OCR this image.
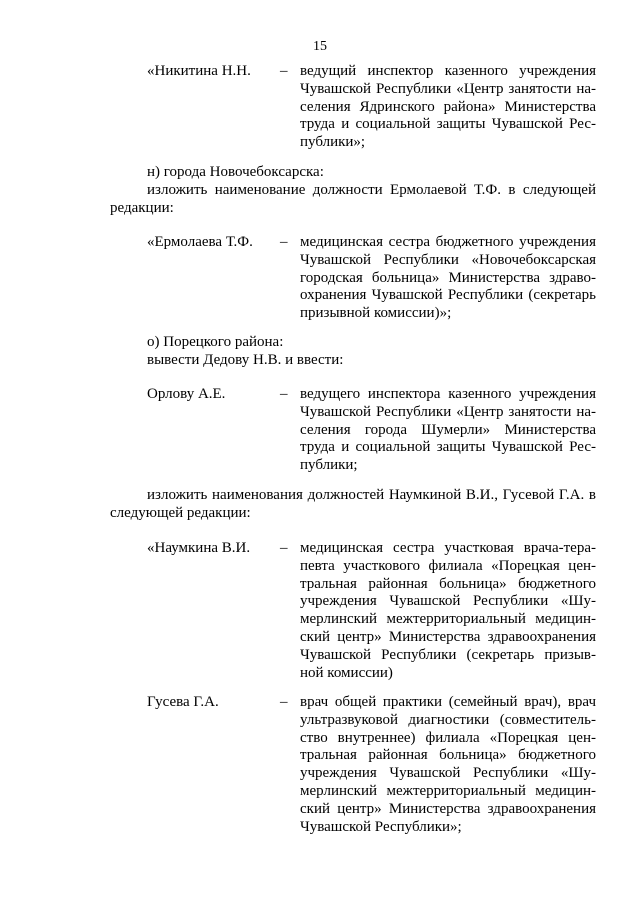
15
«Никитина Н.Н. – ведущий инспектор казенного учреждения
Чувашской Республики «Центр занятости на-
селения Ядринского района» Министерства
труда и социальной защиты Чувашской Рес-
публики»;
н) города Новочебоксарска:
изложить наименование должности Ермолаевой Т.Ф. в следующей
редакции:
«Ермолаева Т.Ф. – медицинская сестра бюджетного учреждения
Чувашской Республики «Новочебоксарская
городская больница» Министерства здраво-
охранения Чувашской Республики (секретарь
призывной комиссии)»;
о) Порецкого района:
вывести Дедову Н.В. и ввести:
Орлову А.Е.	– ведущего инспектора казенного учреждения
Чувашской Республики «Центр занятости на-
селения города Шумерли» Министерства
труда и социальной защиты Чувашской Рес-
публики;
изложить наименования должностей Наумкиной В.И., Гусевой Г.А. в
следующей редакции:
«Наумкина В.И. – медицинская сестра участковая врача-тера-
певта участкового филиала «Порецкая цен-
тральная районная больница» бюджетного
учреждения Чувашской Республики «Шу-
мерлинский межтерриториальный медицин-
ский центр» Министерства здравоохранения
Чувашской Республики (секретарь призыв-
ной комиссии)
Гусева Г.А.	– врач общей практики (семейный врач), врач
ультразвуковой диагностики (совместитель-
ство внутреннее) филиала «Порецкая цен-
тральная районная больница» бюджетного
учреждения Чувашской Республики «Шу-
мерлинский межтерриториальный медицин-
ский центр» Министерства здравоохранения
Чувашской Республики»;
